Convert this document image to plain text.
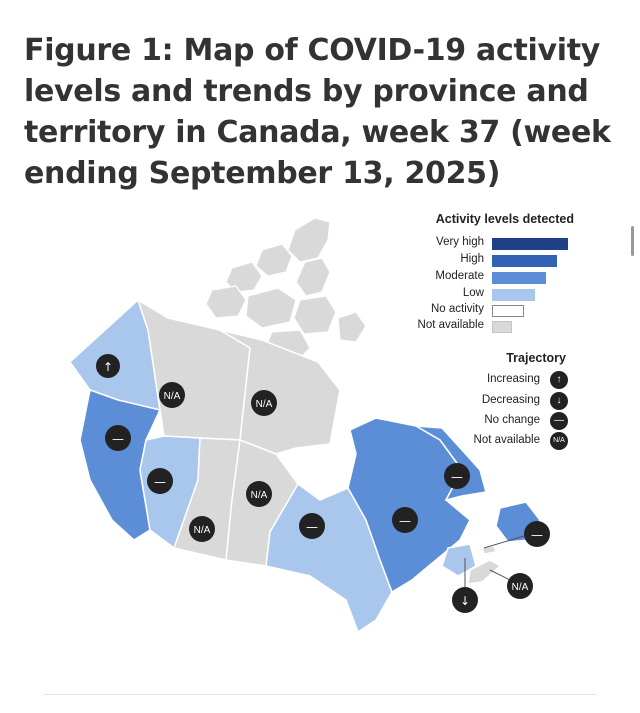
Figure 1: Map of COVID-19 activity levels and trends by province and territory in Canada, week 37 (week ending September 13, 2025)
↑
N/A
N/A
—
—
N/A
N/A
—	—
—
↓
N/A
—
Activity levels detected
Very high
High
Moderate
Low
No activity
Not available
Trajectory
Increasing	↑
Decreasing	↓
No change	—
Not available	N/A
